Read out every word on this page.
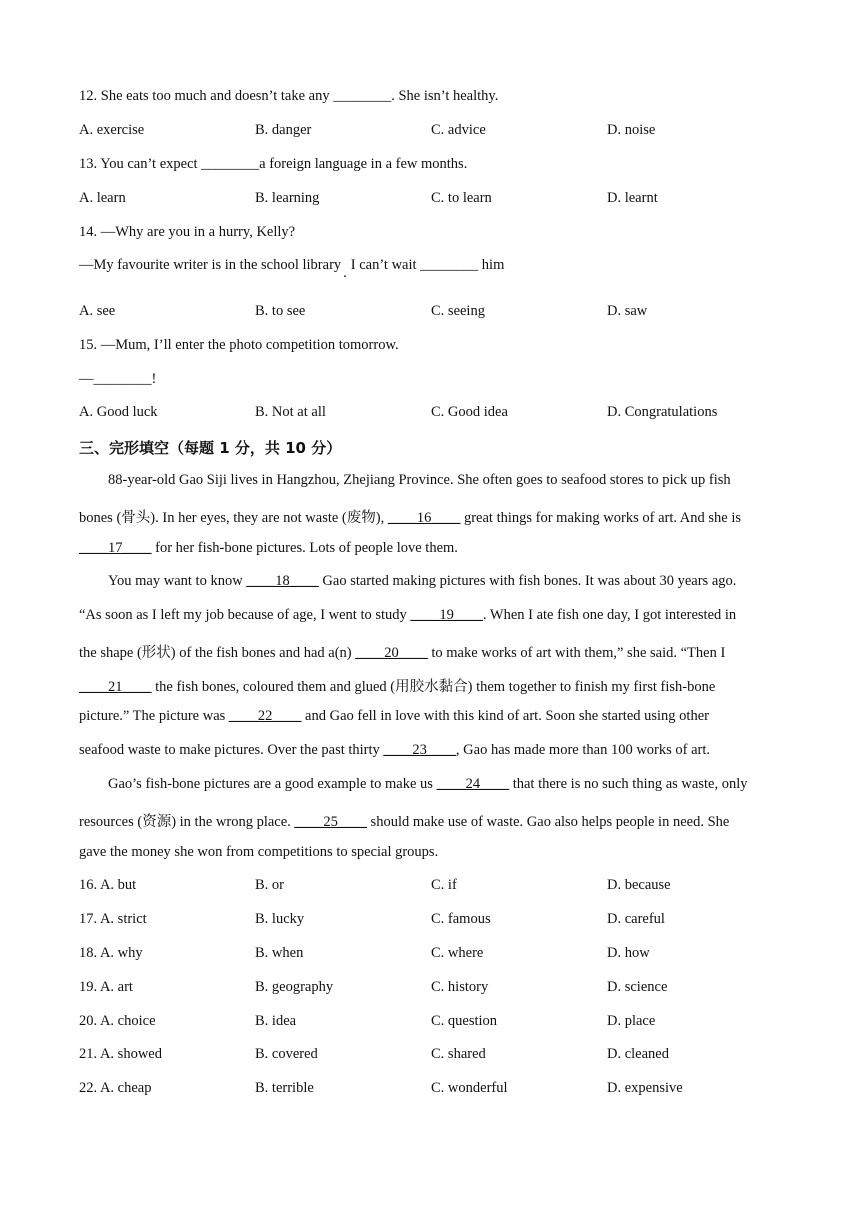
12. She eats too much and doesn’t take any ________. She isn’t healthy.
A. exercise	B. danger	C. advice	D. noise
13. You can’t expect ________a foreign language in a few months.
A. learn	B. learning	C. to learn	D. learnt
14. —Why are you in a hurry, Kelly?
—My favourite writer is in the school library . I can’t wait ________ him
A. see	B. to see	C. seeing	D. saw
15. —Mum, I’ll enter the photo competition tomorrow.
—________!
A. Good luck	B. Not at all	C. Good idea	D. Congratulations
三、完形填空（每题 1 分，共 10 分）
88-year-old Gao Siji lives in Hangzhou, Zhejiang Province. She often goes to seafood stores to pick up fish
bones (骨头). In her eyes, they are not waste (废物), ____16____ great things for making works of art. And she is
____17____ for her fish-bone pictures. Lots of people love them.
You may want to know ____18____ Gao started making pictures with fish bones. It was about 30 years ago.
“As soon as I left my job because of age, I went to study ____19____. When I ate fish one day, I got interested in
the shape (形状) of the fish bones and had a(n) ____20____ to make works of art with them,” she said. “Then I
____21____ the fish bones, coloured them and glued (用胶水黏合) them together to finish my first fish-bone
picture.” The picture was ____22____ and Gao fell in love with this kind of art. Soon she started using other
seafood waste to make pictures. Over the past thirty ____23____, Gao has made more than 100 works of art.
Gao’s fish-bone pictures are a good example to make us ____24____ that there is no such thing as waste, only
resources (资源) in the wrong place. ____25____ should make use of waste. Gao also helps people in need. She
gave the money she won from competitions to special groups.
16. A. but	B. or	C. if	D. because
17. A. strict	B. lucky	C. famous	D. careful
18. A. why	B. when	C. where	D. how
19. A. art	B. geography	C. history	D. science
20. A. choice	B. idea	C. question	D. place
21. A. showed	B. covered	C. shared	D. cleaned
22. A. cheap	B. terrible	C. wonderful	D. expensive
